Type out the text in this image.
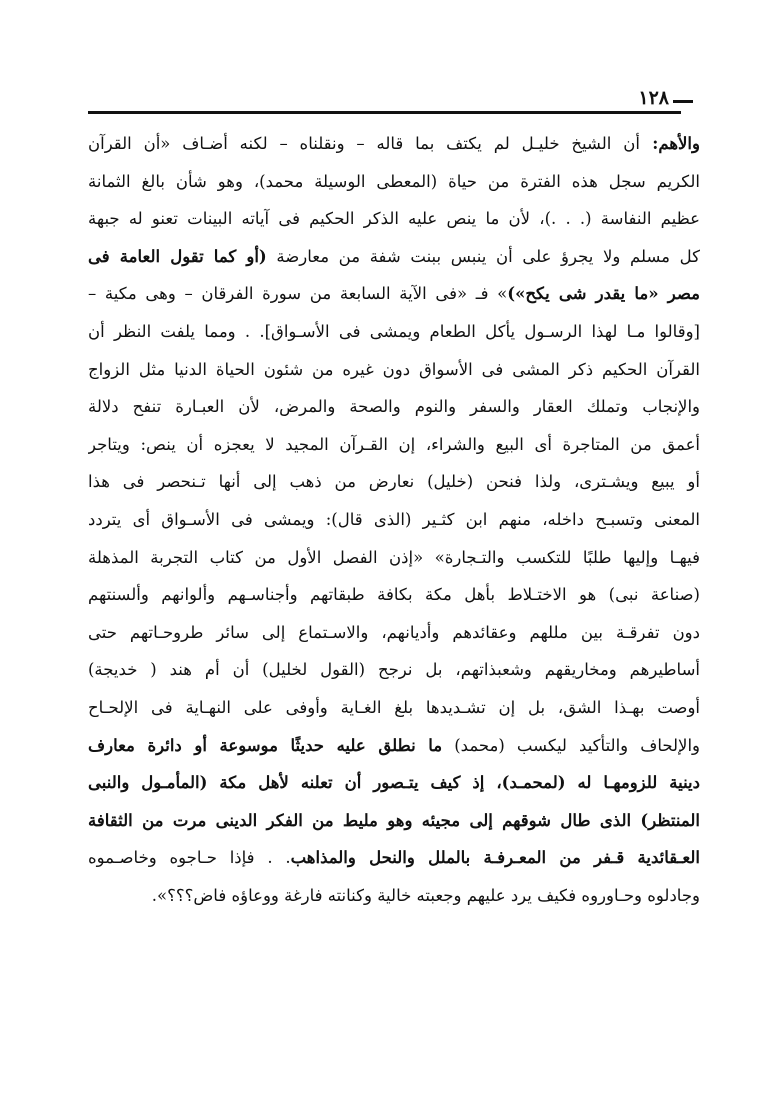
١٢٨
والأهم: أن الشيخ خليـل لم يكتف بما قاله – ونقلناه – لكنه أضـاف «أن القرآن
الكريم سجل هذه الفترة من حياة (المعطى الوسيلة محمد)، وهو شأن بالغ الثمانة
عظيم النفاسة (. . .)، لأن ما ينص عليه الذكر الحكيم فى آياته البينات تعنو له جبهة
كل مسلم ولا يجرؤ على أن ينبس ببنت شفة من معارضة (أو كما تقول العامة فى
مصر «ما يقدر شى يكح»)» فـ «فى الآية السابعة من سورة الفرقان – وهى مكية –
[وقالوا مـا لهذا الرسـول يأكل الطعام ويمشى فى الأسـواق]. . ومما يلفت النظر أن
القرآن الحكيم ذكر المشى فى الأسواق دون غيره من شئون الحياة الدنيا مثل الزواج
والإنجاب وتملك العقار والسفر والنوم والصحة والمرض، لأن العبـارة تنفح دلالة
أعمق من المتاجرة أى البيع والشراء، إن القـرآن المجيد لا يعجزه أن ينص: ويتاجر
أو يبيع ويشـترى، ولذا فنحن (خليل) نعارض من ذهب إلى أنها تـنحصر فى هذا
المعنى وتسبـح داخله، منهم ابن كثـير (الذى قال): ويمشى فى الأسـواق أى يتردد
فيهـا وإليها طلبًا للتكسب والتـجارة» «إذن الفصل الأول من كتاب التجربة المذهلة
(صناعة نبى) هو الاختـلاط بأهل مكة بكافة طبقاتهم وأجناسـهم وألوانهم وألسنتهم
دون تفرقـة بين مللهم وعقائدهم وأديانهم، والاسـتماع إلى سائر طروحـاتهم حتى
أساطيرهم ومخاريقهم وشعبذاتهم، بل نرجح (القول لخليل) أن أم هند ( خديجة)
أوصت بهـذا الشق، بل إن تشـديدها بلغ الغـاية وأوفى على النهـاية فى الإلحـاح
والإلحاف والتأكيد ليكسب (محمد) ما نطلق عليه حديثًا موسوعة أو دائرة معارف
دينية للزومهـا له (لمحمـد)، إذ كيف يتـصور أن تعلنه لأهل مكة (المأمـول والنبى
المنتظر) الذى طال شوقهم إلى مجيئه وهو مليط من الفكر الدينى مرت من الثقافة
العـقائدية قـفر من المعـرفـة بالملل والنحل والمذاهب. . فإذا حـاجوه وخاصـموه
وجادلوه وحـاوروه فكيف يرد عليهم وجعبته خالية وكنانته فارغة ووعاؤه فاض؟؟؟».
